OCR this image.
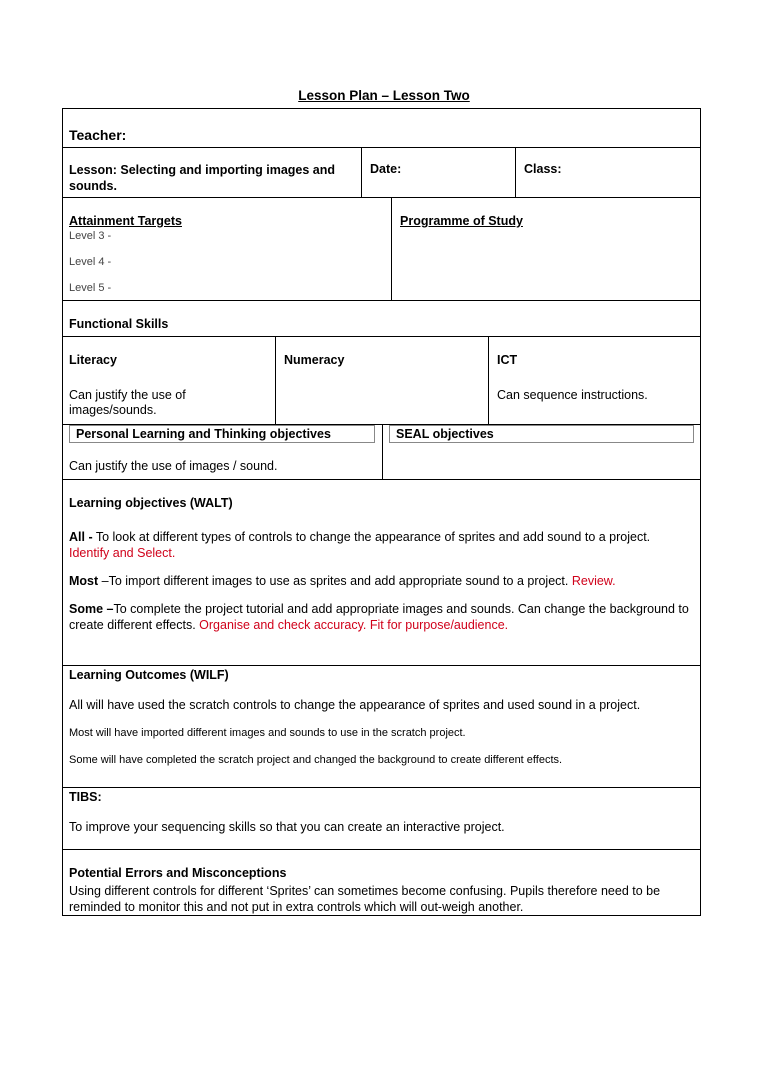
Lesson Plan – Lesson Two
Teacher:

Lesson: Selecting and importing images and sounds.

Date:	Class:

Attainment Targets

Level 3 -

Level 4 -

Level 5 -

Programme of Study

Functional Skills

Literacy

Can justify the use of images/sounds.

Numeracy	ICT

Can sequence instructions.

Personal Learning and Thinking objectives

Can justify the use of images / sound.

SEAL objectives

Learning objectives (WALT)

All - To look at different types of controls to change the appearance of sprites and add sound to a project.
Identify and Select.

Most –To import different images to use as sprites and add appropriate sound to a project. Review.

Some –To complete the project tutorial and add appropriate images and sounds. Can change the background to create different effects. Organise and check accuracy. Fit for purpose/audience.

Learning Outcomes (WILF)

All will have used the scratch controls to change the appearance of sprites and used sound in a project.

Most will have imported different images and sounds to use in the scratch project.

Some will have completed the scratch project and changed the background to create different effects.

TIBS:

To improve your sequencing skills so that you can create an interactive project.

Potential Errors and Misconceptions

Using different controls for different ‘Sprites’ can sometimes become confusing. Pupils therefore need to be reminded to monitor this and not put in extra controls which will out-weigh another.
